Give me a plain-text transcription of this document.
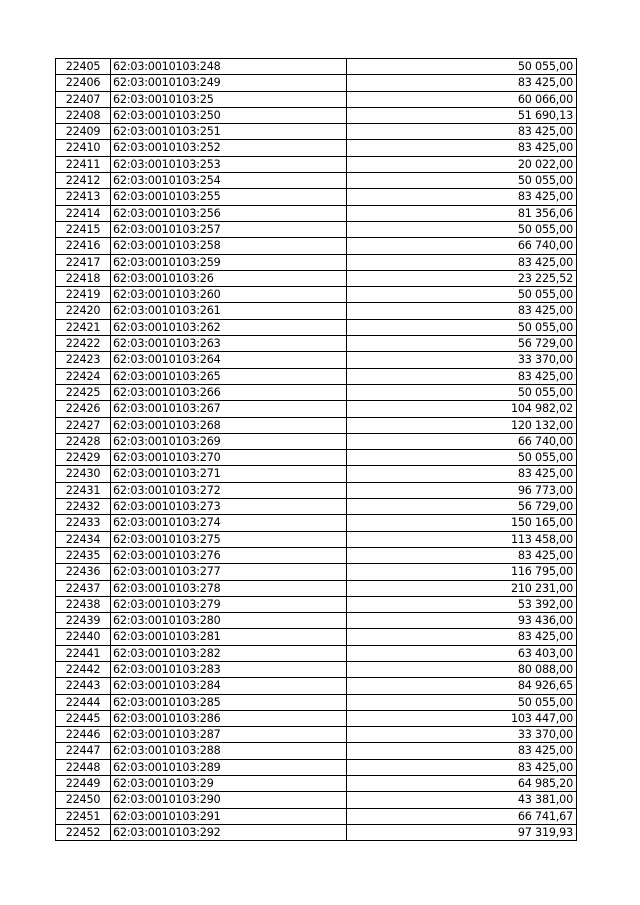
22405	62:03:0010103:248	50 055,00
22406	62:03:0010103:249	83 425,00
22407	62:03:0010103:25	60 066,00
22408	62:03:0010103:250	51 690,13
22409	62:03:0010103:251	83 425,00
22410	62:03:0010103:252	83 425,00
22411	62:03:0010103:253	20 022,00
22412	62:03:0010103:254	50 055,00
22413	62:03:0010103:255	83 425,00
22414	62:03:0010103:256	81 356,06
22415	62:03:0010103:257	50 055,00
22416	62:03:0010103:258	66 740,00
22417	62:03:0010103:259	83 425,00
22418	62:03:0010103:26	23 225,52
22419	62:03:0010103:260	50 055,00
22420	62:03:0010103:261	83 425,00
22421	62:03:0010103:262	50 055,00
22422	62:03:0010103:263	56 729,00
22423	62:03:0010103:264	33 370,00
22424	62:03:0010103:265	83 425,00
22425	62:03:0010103:266	50 055,00
22426	62:03:0010103:267	104 982,02
22427	62:03:0010103:268	120 132,00
22428	62:03:0010103:269	66 740,00
22429	62:03:0010103:270	50 055,00
22430	62:03:0010103:271	83 425,00
22431	62:03:0010103:272	96 773,00
22432	62:03:0010103:273	56 729,00
22433	62:03:0010103:274	150 165,00
22434	62:03:0010103:275	113 458,00
22435	62:03:0010103:276	83 425,00
22436	62:03:0010103:277	116 795,00
22437	62:03:0010103:278	210 231,00
22438	62:03:0010103:279	53 392,00
22439	62:03:0010103:280	93 436,00
22440	62:03:0010103:281	83 425,00
22441	62:03:0010103:282	63 403,00
22442	62:03:0010103:283	80 088,00
22443	62:03:0010103:284	84 926,65
22444	62:03:0010103:285	50 055,00
22445	62:03:0010103:286	103 447,00
22446	62:03:0010103:287	33 370,00
22447	62:03:0010103:288	83 425,00
22448	62:03:0010103:289	83 425,00
22449	62:03:0010103:29	64 985,20
22450	62:03:0010103:290	43 381,00
22451	62:03:0010103:291	66 741,67
22452	62:03:0010103:292	97 319,93
